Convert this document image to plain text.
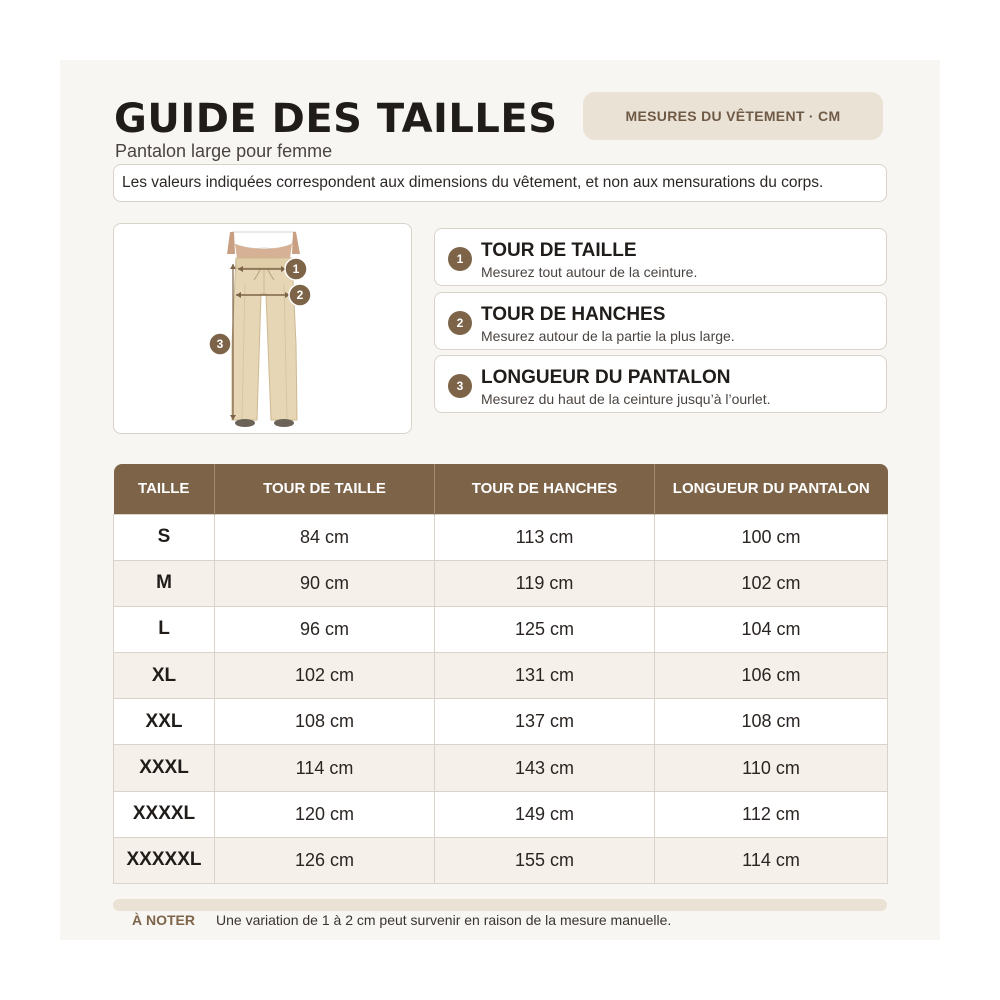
GUIDE DES TAILLES
Pantalon large pour femme
MESURES DU VÊTEMENT · CM
Les valeurs indiquées correspondent aux dimensions du vêtement, et non aux mensurations du corps.
1
2
3
1 TOUR DE TAILLE
Mesurez tout autour de la ceinture.
2 TOUR DE HANCHES
Mesurez autour de la partie la plus large.
3 LONGUEUR DU PANTALON
Mesurez du haut de la ceinture jusqu’à l’ourlet.
TAILLE	TOUR DE TAILLE	TOUR DE HANCHES	LONGUEUR DU PANTALON
S	84 cm	113 cm	100 cm
M	90 cm	119 cm	102 cm
L	96 cm	125 cm	104 cm
XL	102 cm	131 cm	106 cm
XXL	108 cm	137 cm	108 cm
XXXL	114 cm	143 cm	110 cm
XXXXL	120 cm	149 cm	112 cm
XXXXXL	126 cm	155 cm	114 cm
À NOTER Une variation de 1 à 2 cm peut survenir en raison de la mesure manuelle.
